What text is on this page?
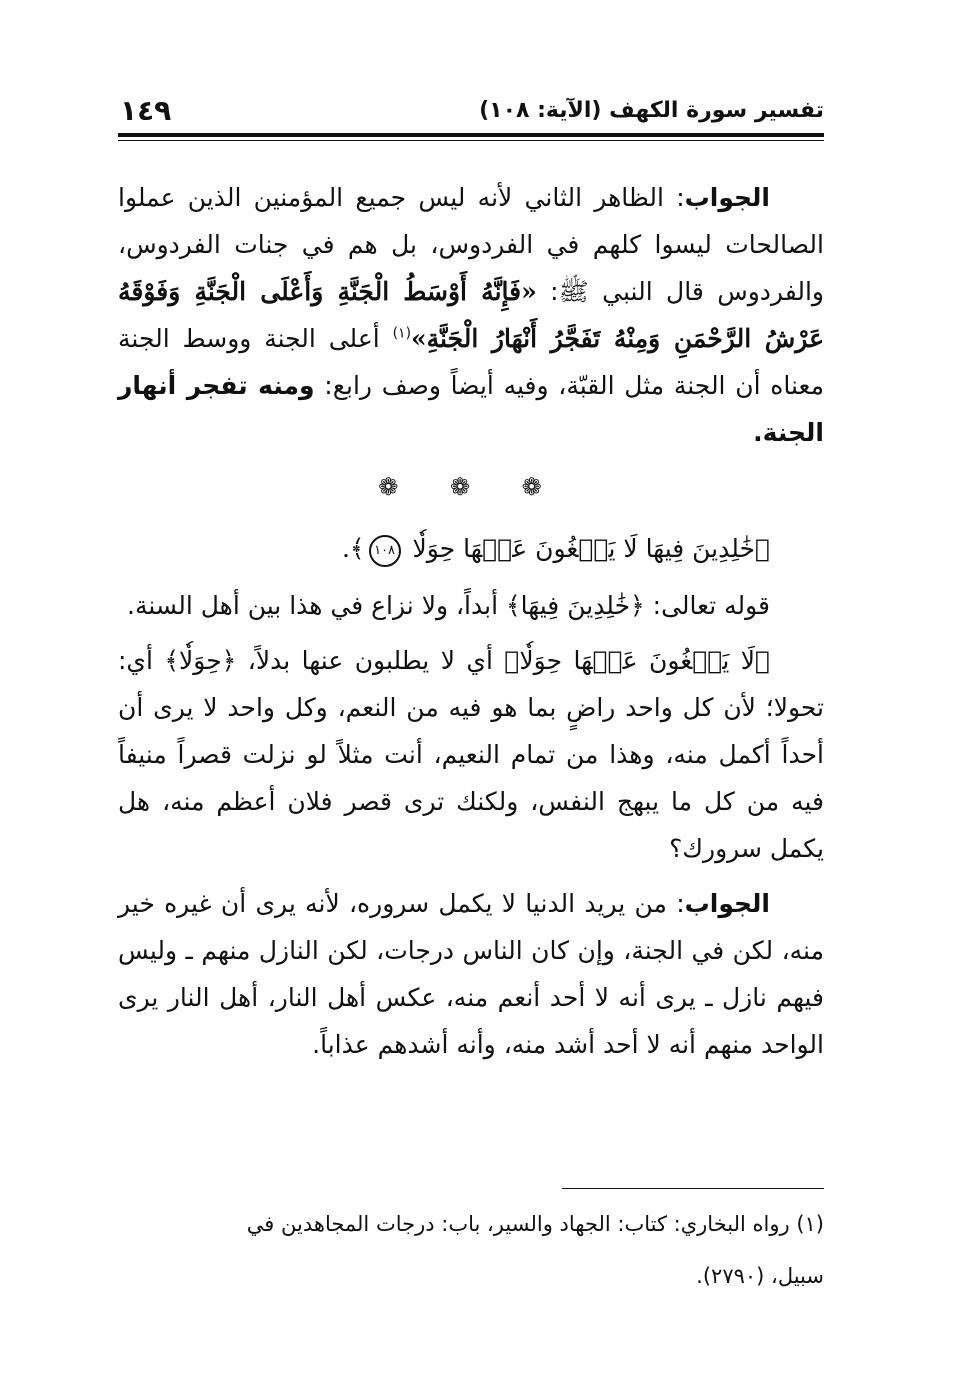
تفسير سورة الكهف (الآية: ١٠٨)
١٤٩

الجواب: الظاهر الثاني لأنه ليس جميع المؤمنين الذين عملوا الصالحات ليسوا كلهم في الفردوس، بل هم في جنات الفردوس، والفردوس قال النبي ﷺ: «فَإِنَّهُ أَوْسَطُ الْجَنَّةِ وَأَعْلَى الْجَنَّةِ وَفَوْقَهُ عَرْشُ الرَّحْمَنِ وَمِنْهُ تَفَجَّرُ أَنْهَارُ الْجَنَّةِ»$^{(١)}$ أعلى الجنة ووسط الجنة معناه أن الجنة مثل القبّة، وفيه أيضاً وصف رابع: ومنه تفجر أنهار الجنة.

❁ ❁ ❁

﴿خَٰلِدِينَ فِيهَا لَا يَبۡغُونَ عَنۡهَا حِوَلٗا ١٠٨﴾.

قوله تعالى: ﴿خَٰلِدِينَ فِيهَا﴾ أبداً، ولا نزاع في هذا بين أهل السنة.

﴿لَا يَبۡغُونَ عَنۡهَا حِوَلٗا﴾ أي لا يطلبون عنها بدلاً، ﴿حِوَلٗا﴾ أي: تحولا؛ لأن كل واحد راضٍ بما هو فيه من النعم، وكل واحد لا يرى أن أحداً أكمل منه، وهذا من تمام النعيم، أنت مثلاً لو نزلت قصراً منيفاً فيه من كل ما يبهج النفس، ولكنك ترى قصر فلان أعظم منه، هل يكمل سرورك؟

الجواب: من يريد الدنيا لا يكمل سروره، لأنه يرى أن غيره خير منه، لكن في الجنة، وإن كان الناس درجات، لكن النازل منهم ـ وليس فيهم نازل ـ يرى أنه لا أحد أنعم منه، عكس أهل النار، أهل النار يرى الواحد منهم أنه لا أحد أشد منه، وأنه أشدهم عذاباً.

(١) رواه البخاري: كتاب: الجهاد والسير، باب: درجات المجاهدين في

سبيل، (٢٧٩٠).
